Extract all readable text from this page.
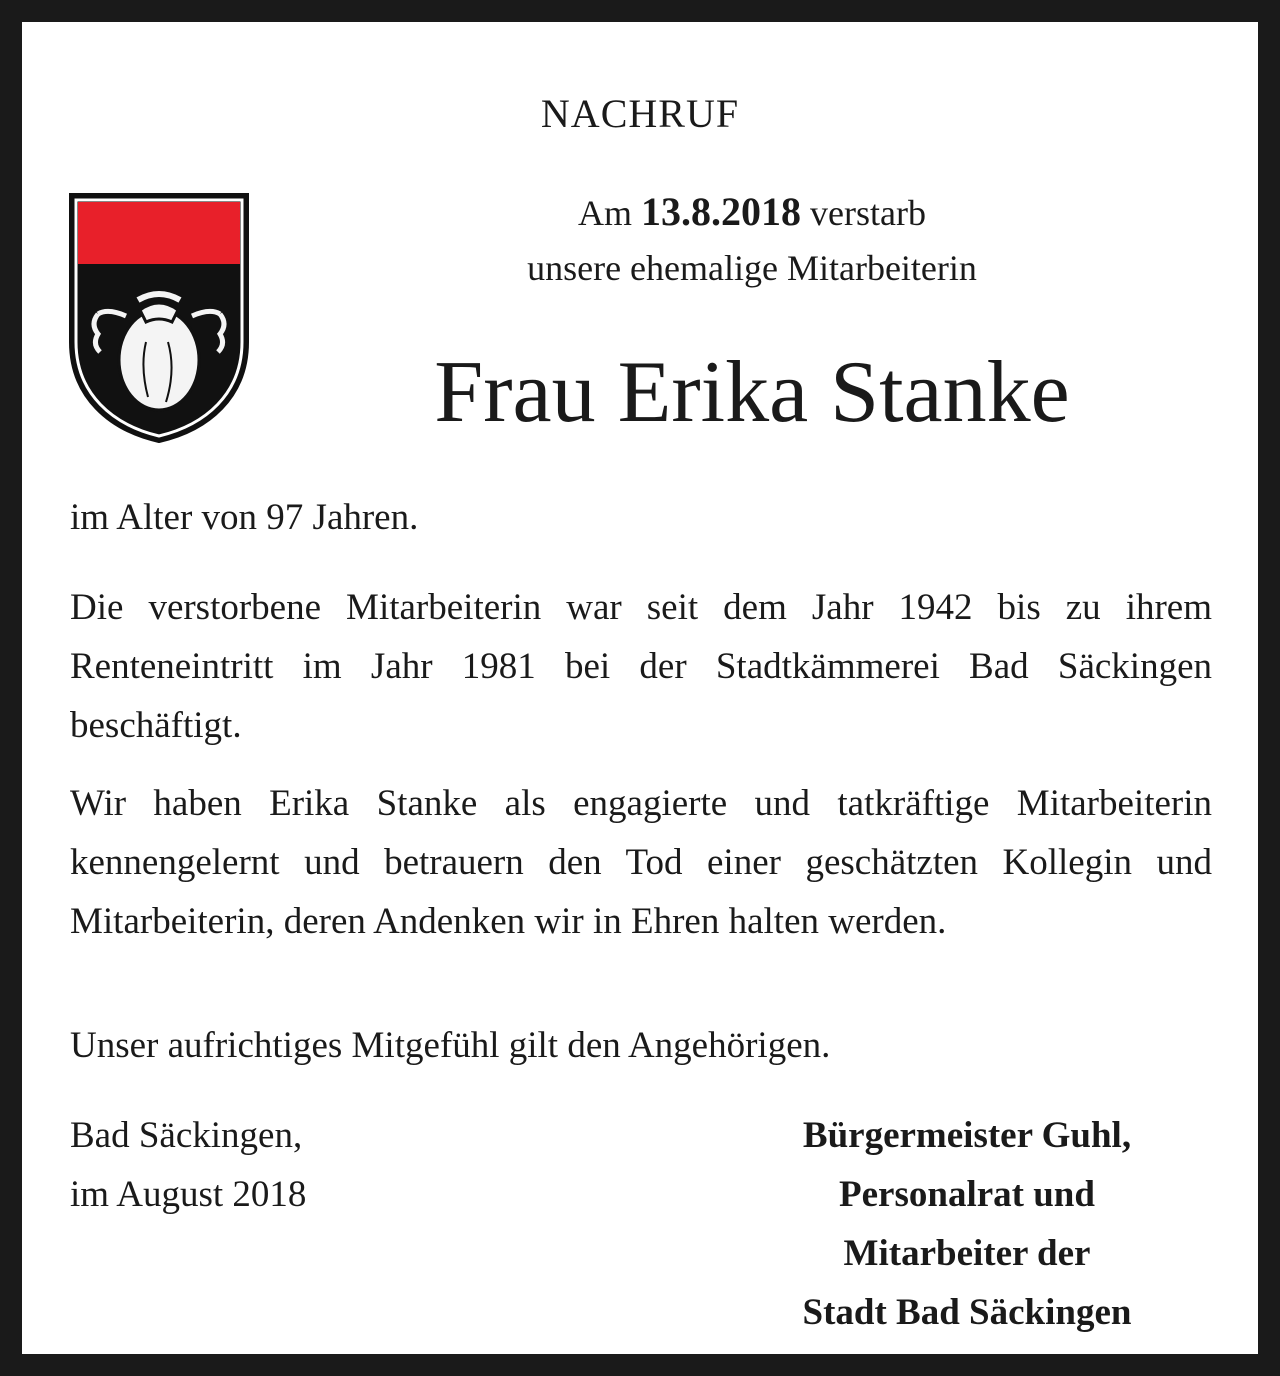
NACHRUF
Am 13.8.2018 verstarb
unsere ehemalige Mitarbeiterin
Frau Erika Stanke
im Alter von 97 Jahren.
Die verstorbene Mitarbeiterin war seit dem Jahr 1942 bis zu ihrem Renteneintritt im Jahr 1981 bei der Stadtkämmerei Bad Säckingen beschäftigt.
Wir haben Erika Stanke als engagierte und tatkräftige Mitarbeiterin kennengelernt und betrauern den Tod einer geschätzten Kollegin und Mitarbeiterin, deren Andenken wir in Ehren halten werden.
Unser aufrichtiges Mitgefühl gilt den Angehörigen.
Bad Säckingen,
im August 2018
Bürgermeister Guhl,
Personalrat und
Mitarbeiter der
Stadt Bad Säckingen
